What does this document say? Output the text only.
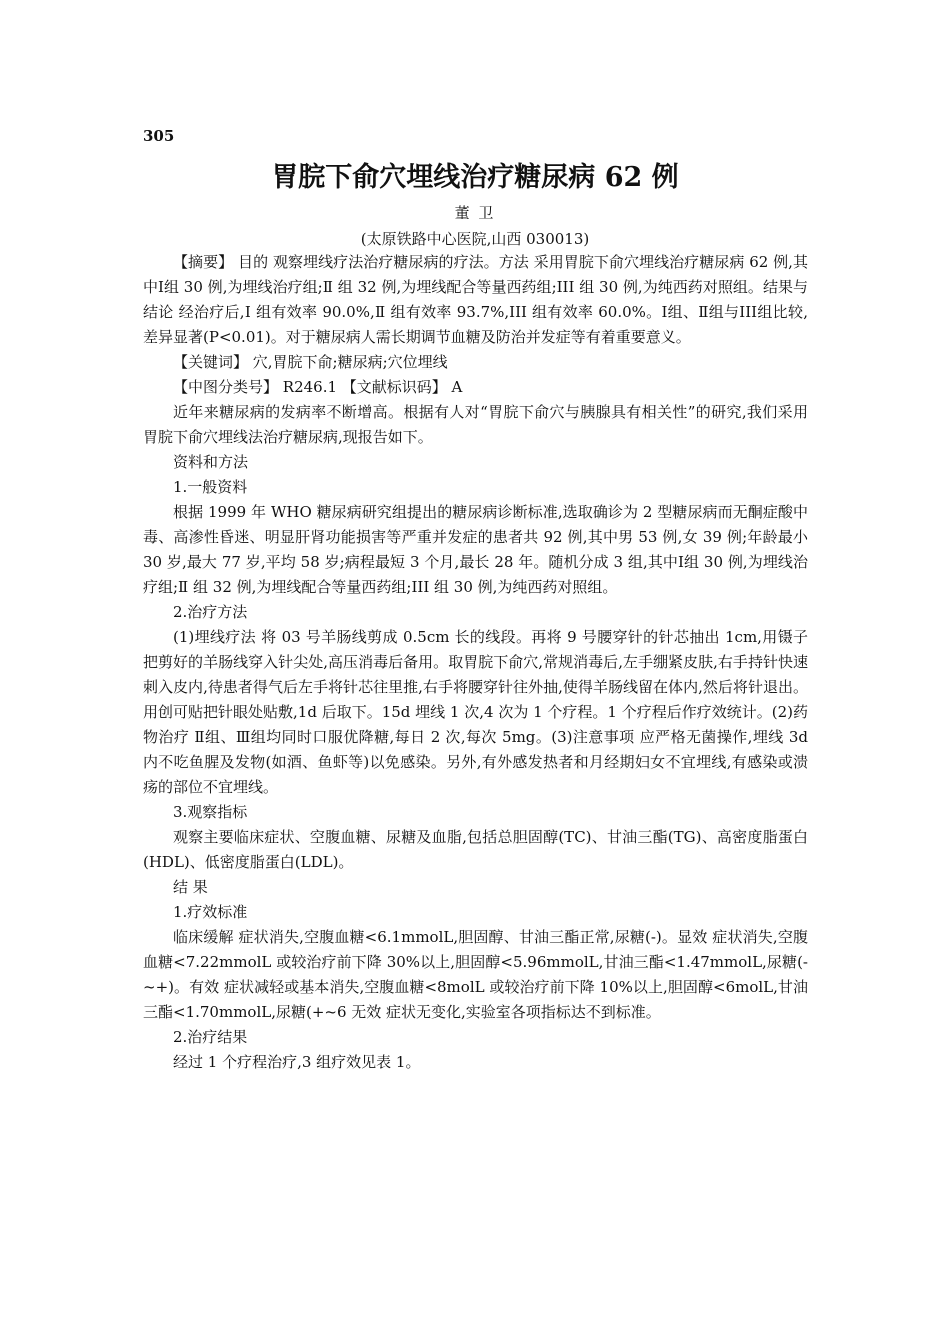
305
胃脘下俞穴埋线治疗糖尿病 62 例
董 卫
(太原铁路中心医院,山西 030013)

【摘要】 目的 观察埋线疗法治疗糖尿病的疗法。方法 采用胃脘下俞穴埋线治疗糖尿病 62 例,其中Ⅰ组 30 例,为埋线治疗组;Ⅱ 组 32 例,为埋线配合等量西药组;III 组 30 例,为纯西药对照组。结果与结论 经治疗后,Ⅰ 组有效率 90.0%,Ⅱ 组有效率 93.7%,III 组有效率 60.0%。Ⅰ组、Ⅱ组与III组比较,差异显著(P<0.01)。对于糖尿病人需长期调节血糖及防治并发症等有着重要意义。

【关键词】 穴,胃脘下俞;糖尿病;穴位埋线

【中图分类号】 R246.1 【文献标识码】 A

近年来糖尿病的发病率不断增高。根据有人对“胃脘下俞穴与胰腺具有相关性”的研究,我们采用胃脘下俞穴埋线法治疗糖尿病,现报告如下。

资料和方法

1.一般资料

根据 1999 年 WHO 糖尿病研究组提出的糖尿病诊断标准,选取确诊为 2 型糖尿病而无酮症酸中毒、高渗性昏迷、明显肝肾功能损害等严重并发症的患者共 92 例,其中男 53 例,女 39 例;年龄最小 30 岁,最大 77 岁,平均 58 岁;病程最短 3 个月,最长 28 年。随机分成 3 组,其中Ⅰ组 30 例,为埋线治疗组;Ⅱ 组 32 例,为埋线配合等量西药组;III 组 30 例,为纯西药对照组。

2.治疗方法

(1)埋线疗法 将 03 号羊肠线剪成 0.5cm 长的线段。再将 9 号腰穿针的针芯抽出 1cm,用镊子把剪好的羊肠线穿入针尖处,高压消毒后备用。取胃脘下俞穴,常规消毒后,左手绷紧皮肤,右手持针快速刺入皮内,待患者得气后左手将针芯往里推,右手将腰穿针往外抽,使得羊肠线留在体内,然后将针退出。用创可贴把针眼处贴敷,1d 后取下。15d 埋线 1 次,4 次为 1 个疗程。1 个疗程后作疗效统计。(2)药物治疗 Ⅱ组、Ⅲ组均同时口服优降糖,每日 2 次,每次 5mg。(3)注意事项 应严格无菌操作,埋线 3d 内不吃鱼腥及发物(如酒、鱼虾等)以免感染。另外,有外感发热者和月经期妇女不宜埋线,有感染或溃疡的部位不宜埋线。

3.观察指标

观察主要临床症状、空腹血糖、尿糖及血脂,包括总胆固醇(TC)、甘油三酯(TG)、高密度脂蛋白(HDL)、低密度脂蛋白(LDL)。

结 果

1.疗效标准

临床缓解 症状消失,空腹血糖<6.1mmolL,胆固醇、甘油三酯正常,尿糖(-)。显效 症状消失,空腹血糖<7.22mmolL 或较治疗前下降 30%以上,胆固醇<5.96mmolL,甘油三酯<1.47mmolL,尿糖(-~+)。有效 症状减轻或基本消失,空腹血糖<8molL 或较治疗前下降 10%以上,胆固醇<6molL,甘油三酯<1.70mmolL,尿糖(+~6 无效 症状无变化,实验室各项指标达不到标准。

2.治疗结果

经过 1 个疗程治疗,3 组疗效见表 1。
